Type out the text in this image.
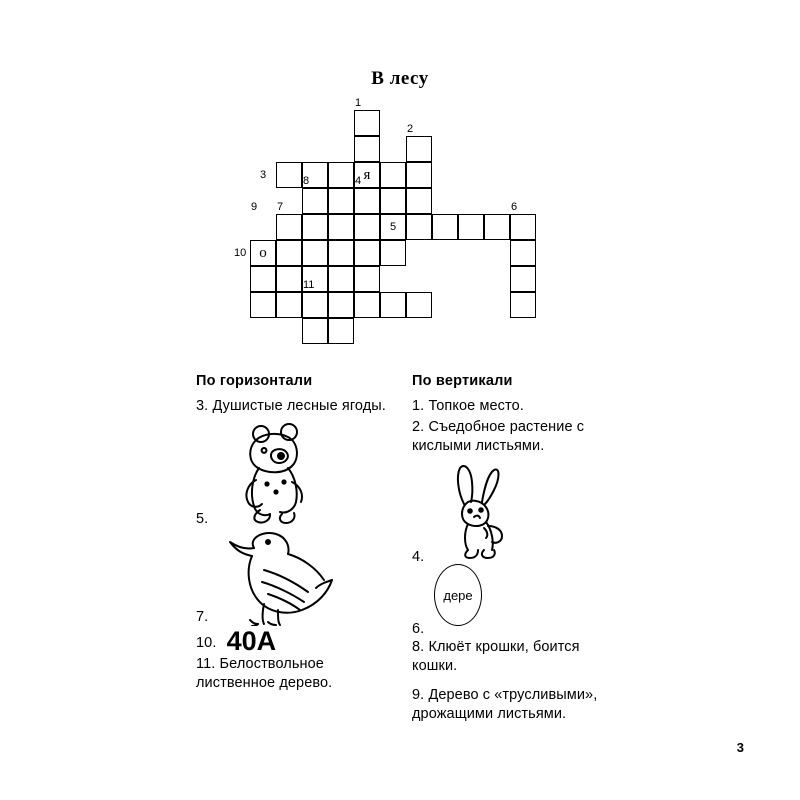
В лесу
я
о
1
2
3	4
8
5
6
7
9
10
11
По горизонтали

3. Душистые лесные ягоды.

5.
7.

10. 40А

11. Белоствольное лиственное дерево.

По вертикали

1. Топкое место.

2. Съедобное растение с кислыми листьями.

4.
6.
дере

8. Клюёт крошки, боится кошки.

9. Дерево с «трусливыми», дрожащими листьями.

3
